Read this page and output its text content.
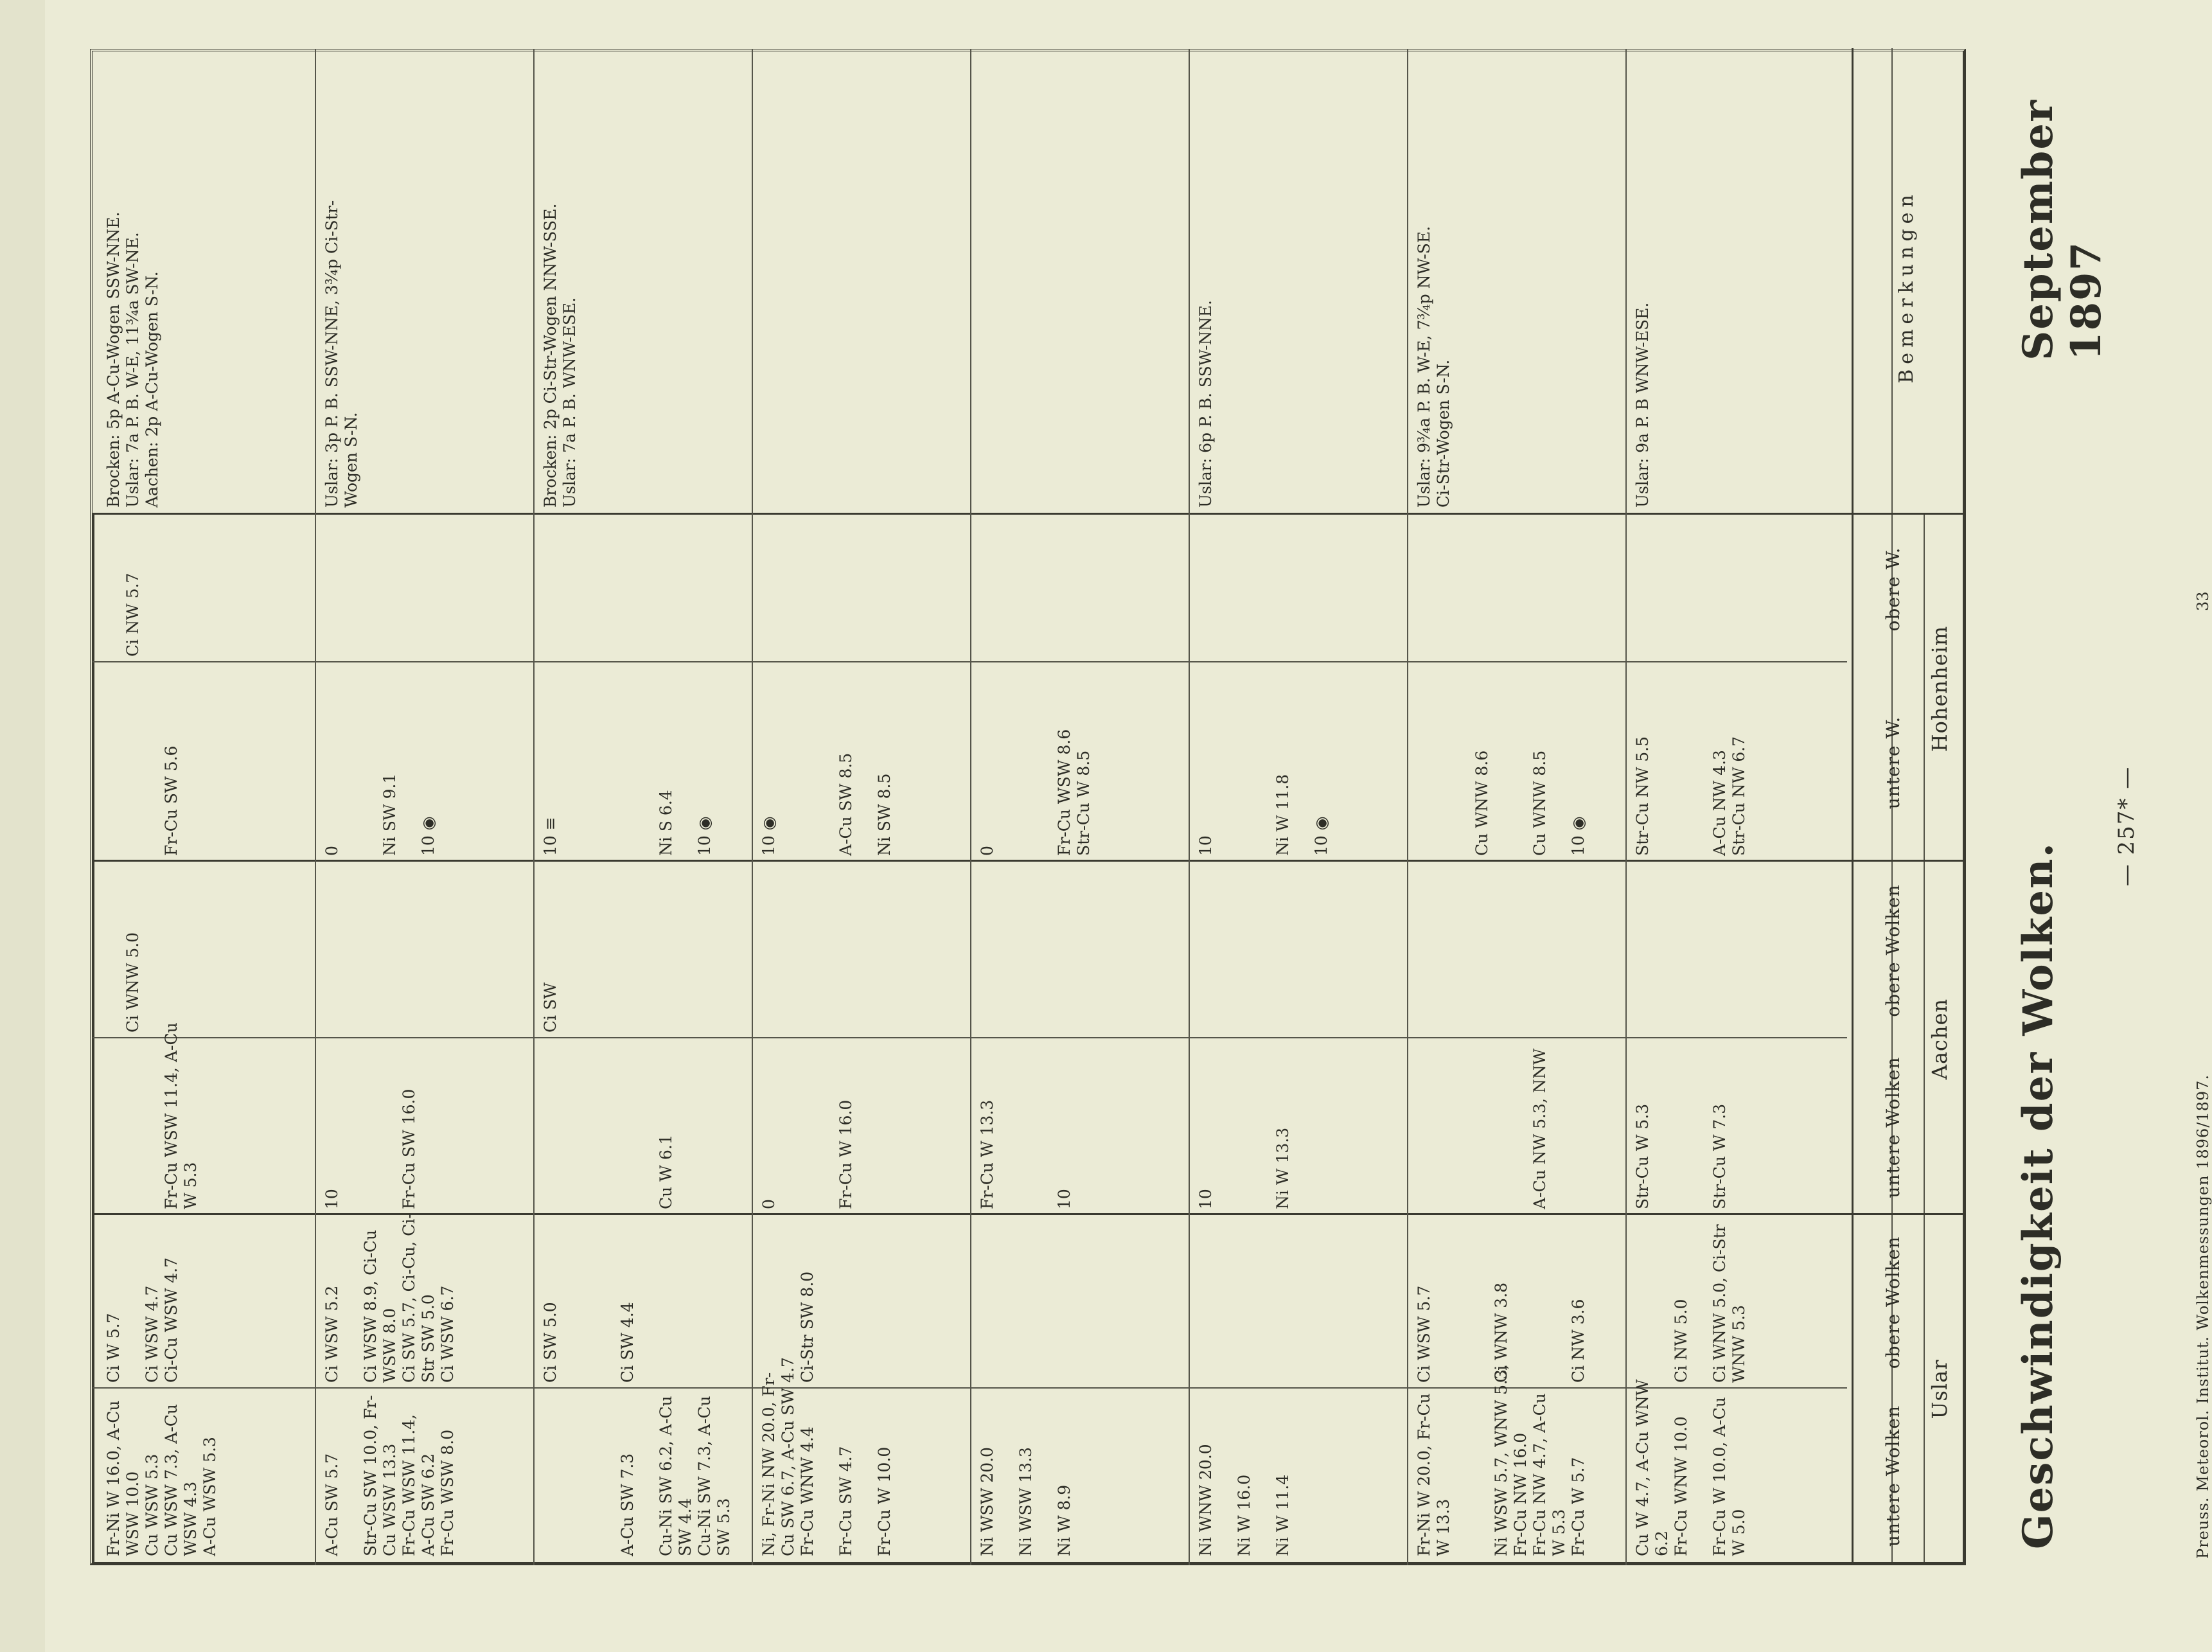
— 257* —
Geschwindigkeit der Wolken.
September 1897
Uslar
untere Wolken
obere Wolken
Aachen
untere Wolken
obere Wolken
Hohenheim
untere W.
obere W.
Bemerkungen
Fr-Ni W 16.0, A-Cu
WSW 10.0
Cu WSW 5.3
Cu WSW 7.3, A-Cu
WSW 4.3
A-Cu WSW 5.3
Ci W 5.7

Ci WSW 4.7
Ci-Cu WSW 4.7

Fr-Cu WSW 11.4, A-Cu
W 5.3

Ci WNW 5.0

Fr-Cu SW 5.6

Ci NW 5.7
Brocken: 5p A-Cu-Wogen SSW-NNE.
Uslar: 7a P. B. W-E, 11¾a SW-NE.
Aachen: 2p A-Cu-Wogen S-N.
A-Cu SW 5.7

Str-Cu SW 10.0, Fr-
Cu WSW 13.3
Fr-Cu WSW 11.4,
A-Cu SW 6.2
Fr-Cu WSW 8.0
Ci WSW 5.2

Ci WSW 8.9, Ci-Cu
WSW 8.0
Ci SW 5.7, Ci-Cu, Ci-
Str SW 5.0
Ci WSW 6.7
10

Fr-Cu SW 16.0
0

Ni SW 9.1

10 ◉
Uslar: 3p P. B. SSW-NNE, 3¾p Ci-Str-
Wogen S-N.

A-Cu SW 7.3

Cu-Ni SW 6.2, A-Cu
SW 4.4
Cu-Ni SW 7.3, A-Cu
SW 5.3
Ci SW 5.0

Ci SW 4.4

Cu W 6.1
Ci SW
10 ≡

Ni S 6.4

10 ◉
Brocken: 2p Ci-Str-Wogen NNW-SSE.
Uslar: 7a P. B. WNW-ESE.
Ni, Fr-Ni NW 20.0, Fr-
Cu SW 6.7, A-Cu SW 4.7
Fr-Cu WNW 4.4

Fr-Cu SW 4.7

Fr-Cu W 10.0

Ci-Str SW 8.0
0

Fr-Cu W 16.0
10 ◉

A-Cu SW 8.5

Ni SW 8.5
Ni WSW 20.0

Ni WSW 13.3

Ni W 8.9
Fr-Cu W 13.3

10
0

Fr-Cu WSW 8.6
Str-Cu W 8.5
Ni WNW 20.0

Ni W 16.0

Ni W 11.4
10

Ni W 13.3
10

Ni W 11.8

10 ◉
Uslar: 6p P. B. SSW-NNE.
Fr-Ni W 20.0, Fr-Cu
W 13.3

Ni WSW 5.7, WNW 5.3,
Fr-Cu NW 16.0
Fr-Cu NW 4.7, A-Cu
W 5.3
Fr-Cu W 5.7
Ci WSW 5.7

Ci WNW 3.8

Ci NW 3.6

A-Cu NW 5.3, NNW

Cu WNW 8.6

Cu WNW 8.5

10 ◉
Uslar: 9¾a P. B. W-E, 7¾p NW-SE.
Ci-Str-Wogen S-N.
Cu W 4.7, A-Cu WNW
6.2
Fr-Cu WNW 10.0

Fr-Cu W 10.0, A-Cu
W 5.0

Ci NW 5.0

Ci WNW 5.0, Ci-Str
WNW 5.3
Str-Cu W 5.3

Str-Cu W 7.3
Str-Cu NW 5.5

A-Cu NW 4.3
Str-Cu NW 6.7
Uslar: 9a P. B WNW-ESE.
Preuss. Meteorol. Institut. Wolkenmessungen 1896/1897.
33
